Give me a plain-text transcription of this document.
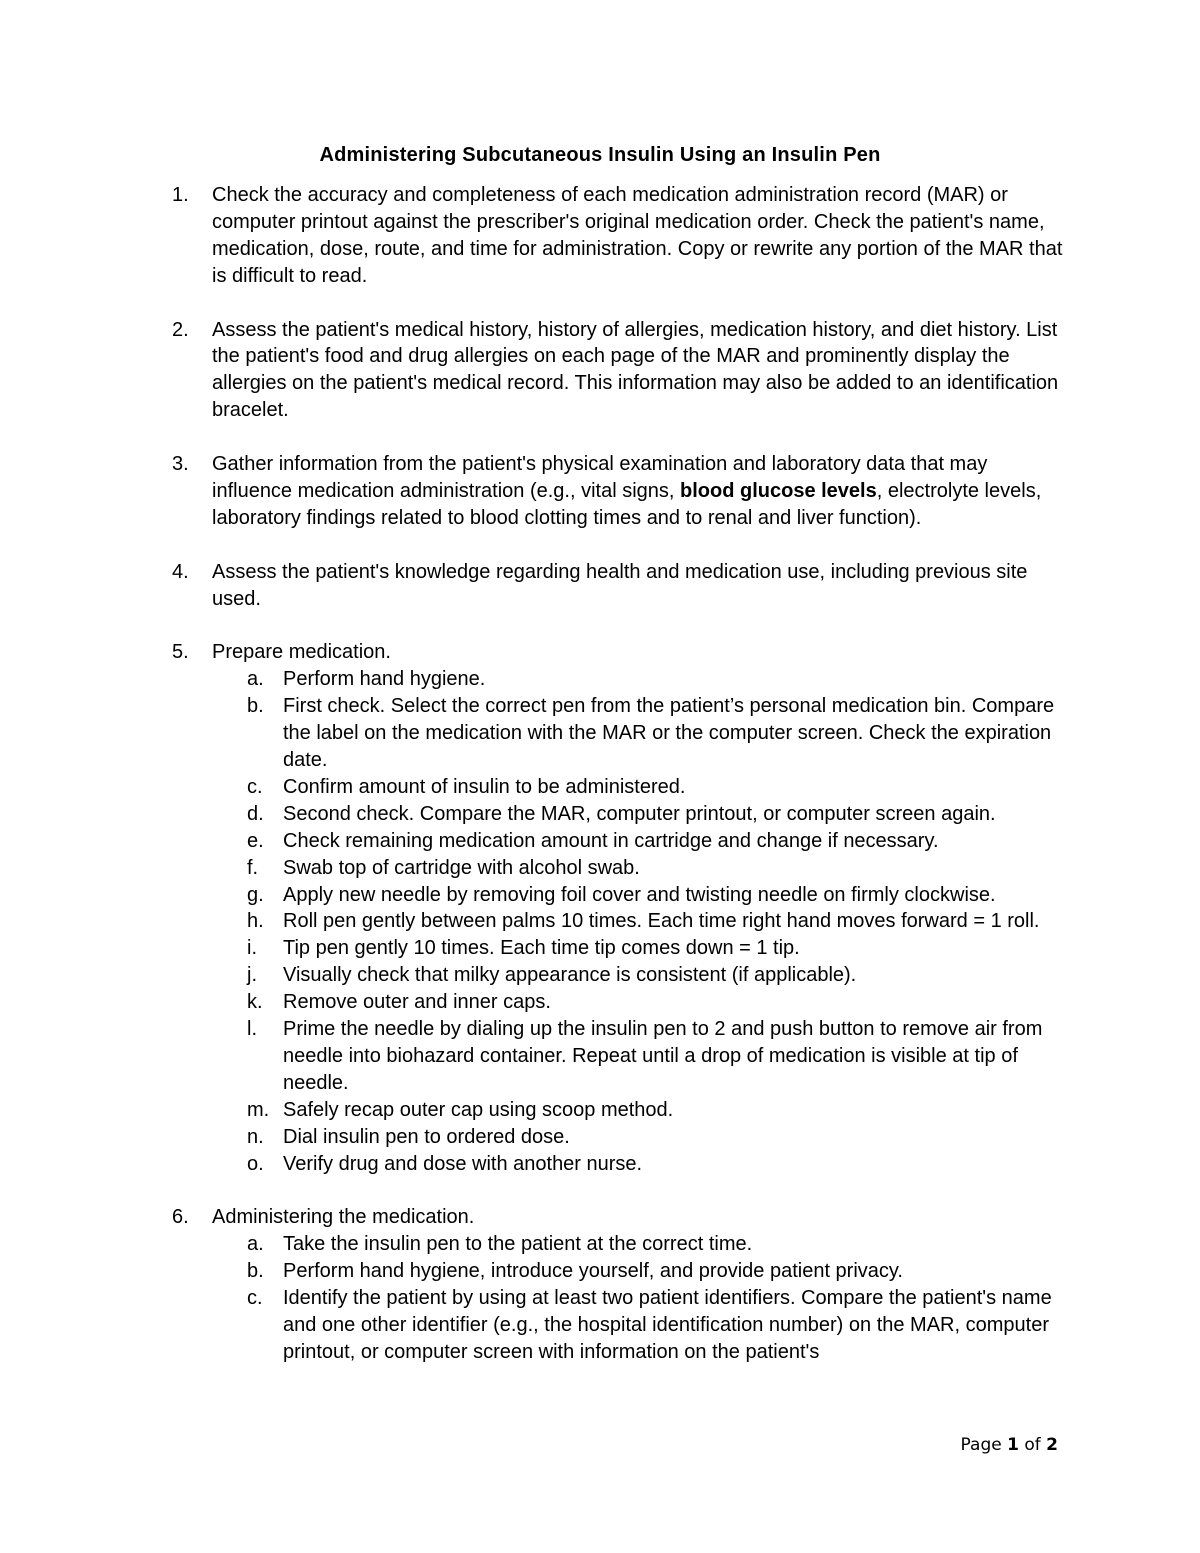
Administering Subcutaneous Insulin Using an Insulin Pen
1.	Check the accuracy and completeness of each medication administration record (MAR) or computer printout against the prescriber's original medication order. Check the patient's name, medication, dose, route, and time for administration. Copy or rewrite any portion of the MAR that is difficult to read.
2.	Assess the patient's medical history, history of allergies, medication history, and diet history. List the patient's food and drug allergies on each page of the MAR and prominently display the allergies on the patient's medical record. This information may also be added to an identification bracelet.
3.	Gather information from the patient's physical examination and laboratory data that may influence medication administration (e.g., vital signs, blood glucose levels, electrolyte levels, laboratory findings related to blood clotting times and to renal and liver function).
4.	Assess the patient's knowledge regarding health and medication use, including previous site used.
5.	Prepare medication.
a. Perform hand hygiene.
b. First check. Select the correct pen from the patient’s personal medication bin. Compare the label on the medication with the MAR or the computer screen. Check the expiration date.
c.	Confirm amount of insulin to be administered.
d. Second check. Compare the MAR, computer printout, or computer screen again.
e. Check remaining medication amount in cartridge and change if necessary.
f.	Swab top of cartridge with alcohol swab.
g. Apply new needle by removing foil cover and twisting needle on firmly clockwise.
h. Roll pen gently between palms 10 times. Each time right hand moves forward = 1 roll.
i.	Tip pen gently 10 times. Each time tip comes down = 1 tip.
j.	Visually check that milky appearance is consistent (if applicable).
k.	Remove outer and inner caps.
l.	Prime the needle by dialing up the insulin pen to 2 and push button to remove air from needle into biohazard container. Repeat until a drop of medication is visible at tip of needle.
m. Safely recap outer cap using scoop method.
n. Dial insulin pen to ordered dose.
o. Verify drug and dose with another nurse.
6.	Administering the medication.
a. Take the insulin pen to the patient at the correct time.
b. Perform hand hygiene, introduce yourself, and provide patient privacy.
c.	Identify the patient by using at least two patient identifiers. Compare the patient's name and one other identifier (e.g., the hospital identification number) on the MAR, computer printout, or computer screen with information on the patient's
Page 1 of 2
